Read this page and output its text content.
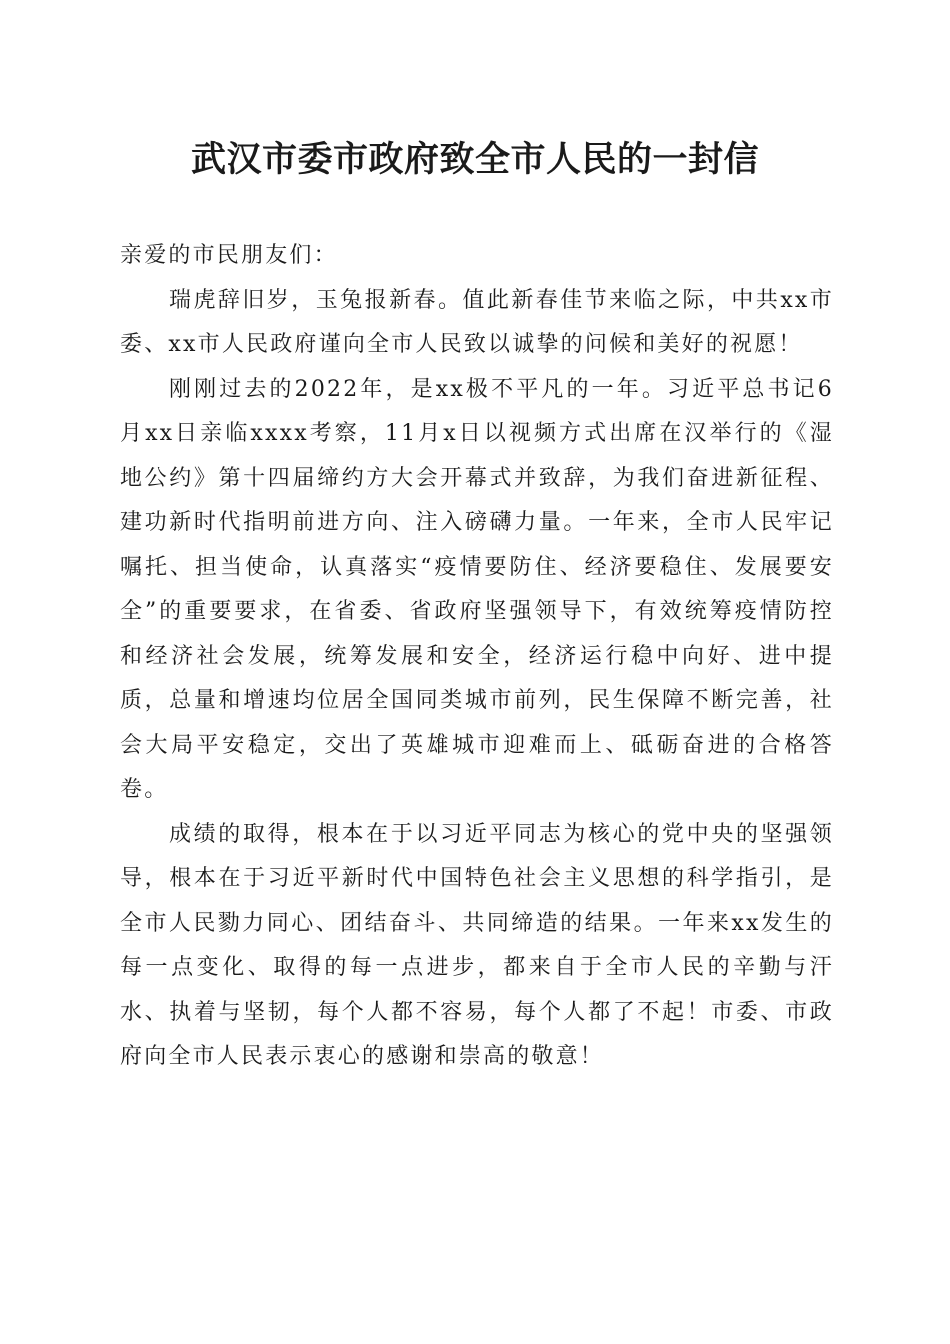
武汉市委市政府致全市人民的一封信

亲爱的市民朋友们：

瑞虎辞旧岁，玉兔报新春。值此新春佳节来临之际，中共xx市委、xx市人民政府谨向全市人民致以诚挚的问候和美好的祝愿！

刚刚过去的2022年，是xx极不平凡的一年。习近平总书记6月xx日亲临xxxx考察，11月x日以视频方式出席在汉举行的《湿地公约》第十四届缔约方大会开幕式并致辞，为我们奋进新征程、建功新时代指明前进方向、注入磅礴力量。一年来，全市人民牢记嘱托、担当使命，认真落实“疫情要防住、经济要稳住、发展要安全”的重要要求，在省委、省政府坚强领导下，有效统筹疫情防控和经济社会发展，统筹发展和安全，经济运行稳中向好、进中提质，总量和增速均位居全国同类城市前列，民生保障不断完善，社会大局平安稳定，交出了英雄城市迎难而上、砥砺奋进的合格答卷。

成绩的取得，根本在于以习近平同志为核心的党中央的坚强领导，根本在于习近平新时代中国特色社会主义思想的科学指引，是全市人民勠力同心、团结奋斗、共同缔造的结果。一年来xx发生的每一点变化、取得的每一点进步，都来自于全市人民的辛勤与汗水、执着与坚韧，每个人都不容易，每个人都了不起！市委、市政府向全市人民表示衷心的感谢和崇高的敬意！
